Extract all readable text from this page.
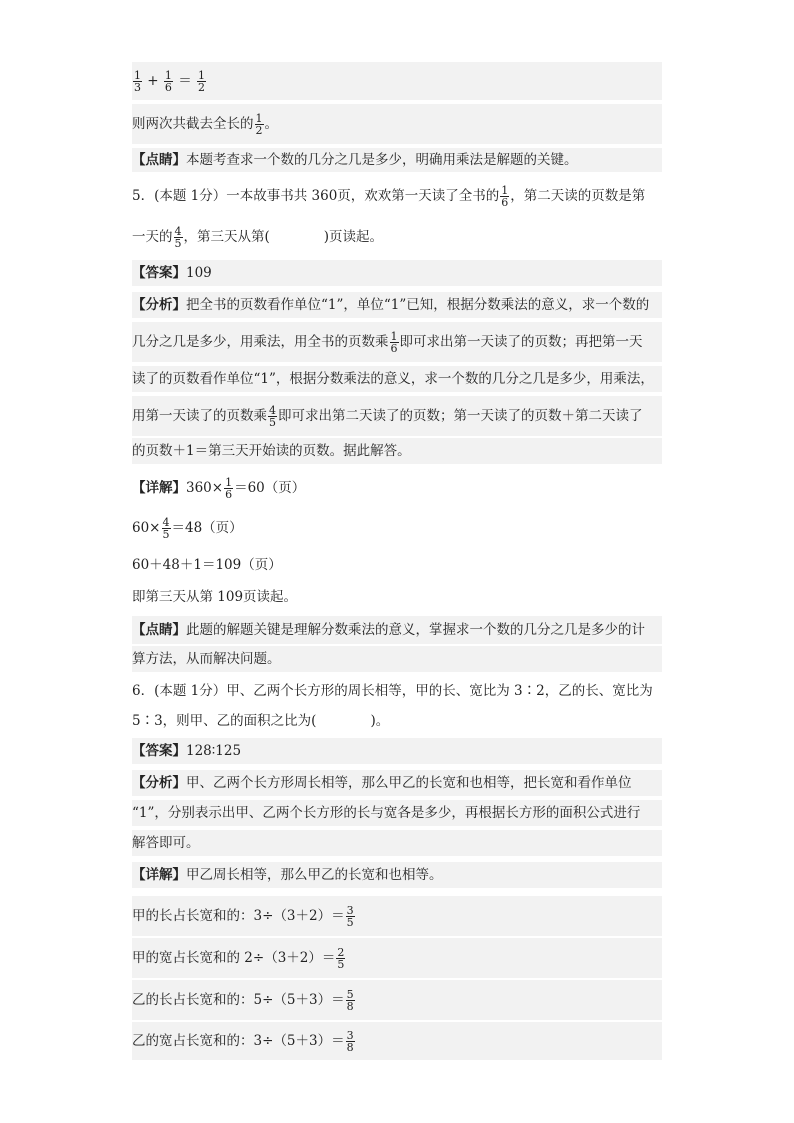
$\frac{1}{3} + \frac{1}{6} = \frac{1}{2}$
则两次共截去全长的 $\frac{1}{2}$ 。
【点睛】本题考查求一个数的几分之几是多少，明确用乘法是解题的关键。
5．(本题 1分）一本故事书共 360页，欢欢第一天读了全书的 $\frac{1}{6}$ ，第二天读的页数是第
一天的 $\frac{4}{5}$ ，第三天从第(	)页读起。
【答案】109
【分析】把全书的页数看作单位“1”，单位“1”已知，根据分数乘法的意义，求一个数的
几分之几是多少，用乘法，用全书的页数乘 $\frac{1}{6}$ 即可求出第一天读了的页数；再把第一天
读了的页数看作单位“1”，根据分数乘法的意义，求一个数的几分之几是多少，用乘法，
用第一天读了的页数乘 $\frac{4}{5}$ 即可求出第二天读了的页数；第一天读了的页数＋第二天读了
的页数＋1＝第三天开始读的页数。据此解答。
【详解】$360\times \frac{1}{6} =60$（页）
$60\times \frac{4}{5} =48$（页）
60＋48＋1＝109（页）
即第三天从第 109页读起。
【点睛】此题的解题关键是理解分数乘法的意义，掌握求一个数的几分之几是多少的计
算方法，从而解决问题。
6．(本题 1分）甲、乙两个长方形的周长相等，甲的长、宽比为 3∶2，乙的长、宽比为
5∶3，则甲、乙的面积之比为(	)。
【答案】128∶125
【分析】甲、乙两个长方形周长相等，那么甲乙的长宽和也相等，把长宽和看作单位
“1”，分别表示出甲、乙两个长方形的长与宽各是多少，再根据长方形的面积公式进行
解答即可。
【详解】甲乙周长相等，那么甲乙的长宽和也相等。
甲的长占长宽和的：$3\div(3+2)= \frac{3}{5}$
甲的宽占长宽和的 $2\div(3+2)= \frac{2}{5}$
乙的长占长宽和的：$5\div(5+3)= \frac{5}{8}$
乙的宽占长宽和的：$3\div(5+3)= \frac{3}{8}$
